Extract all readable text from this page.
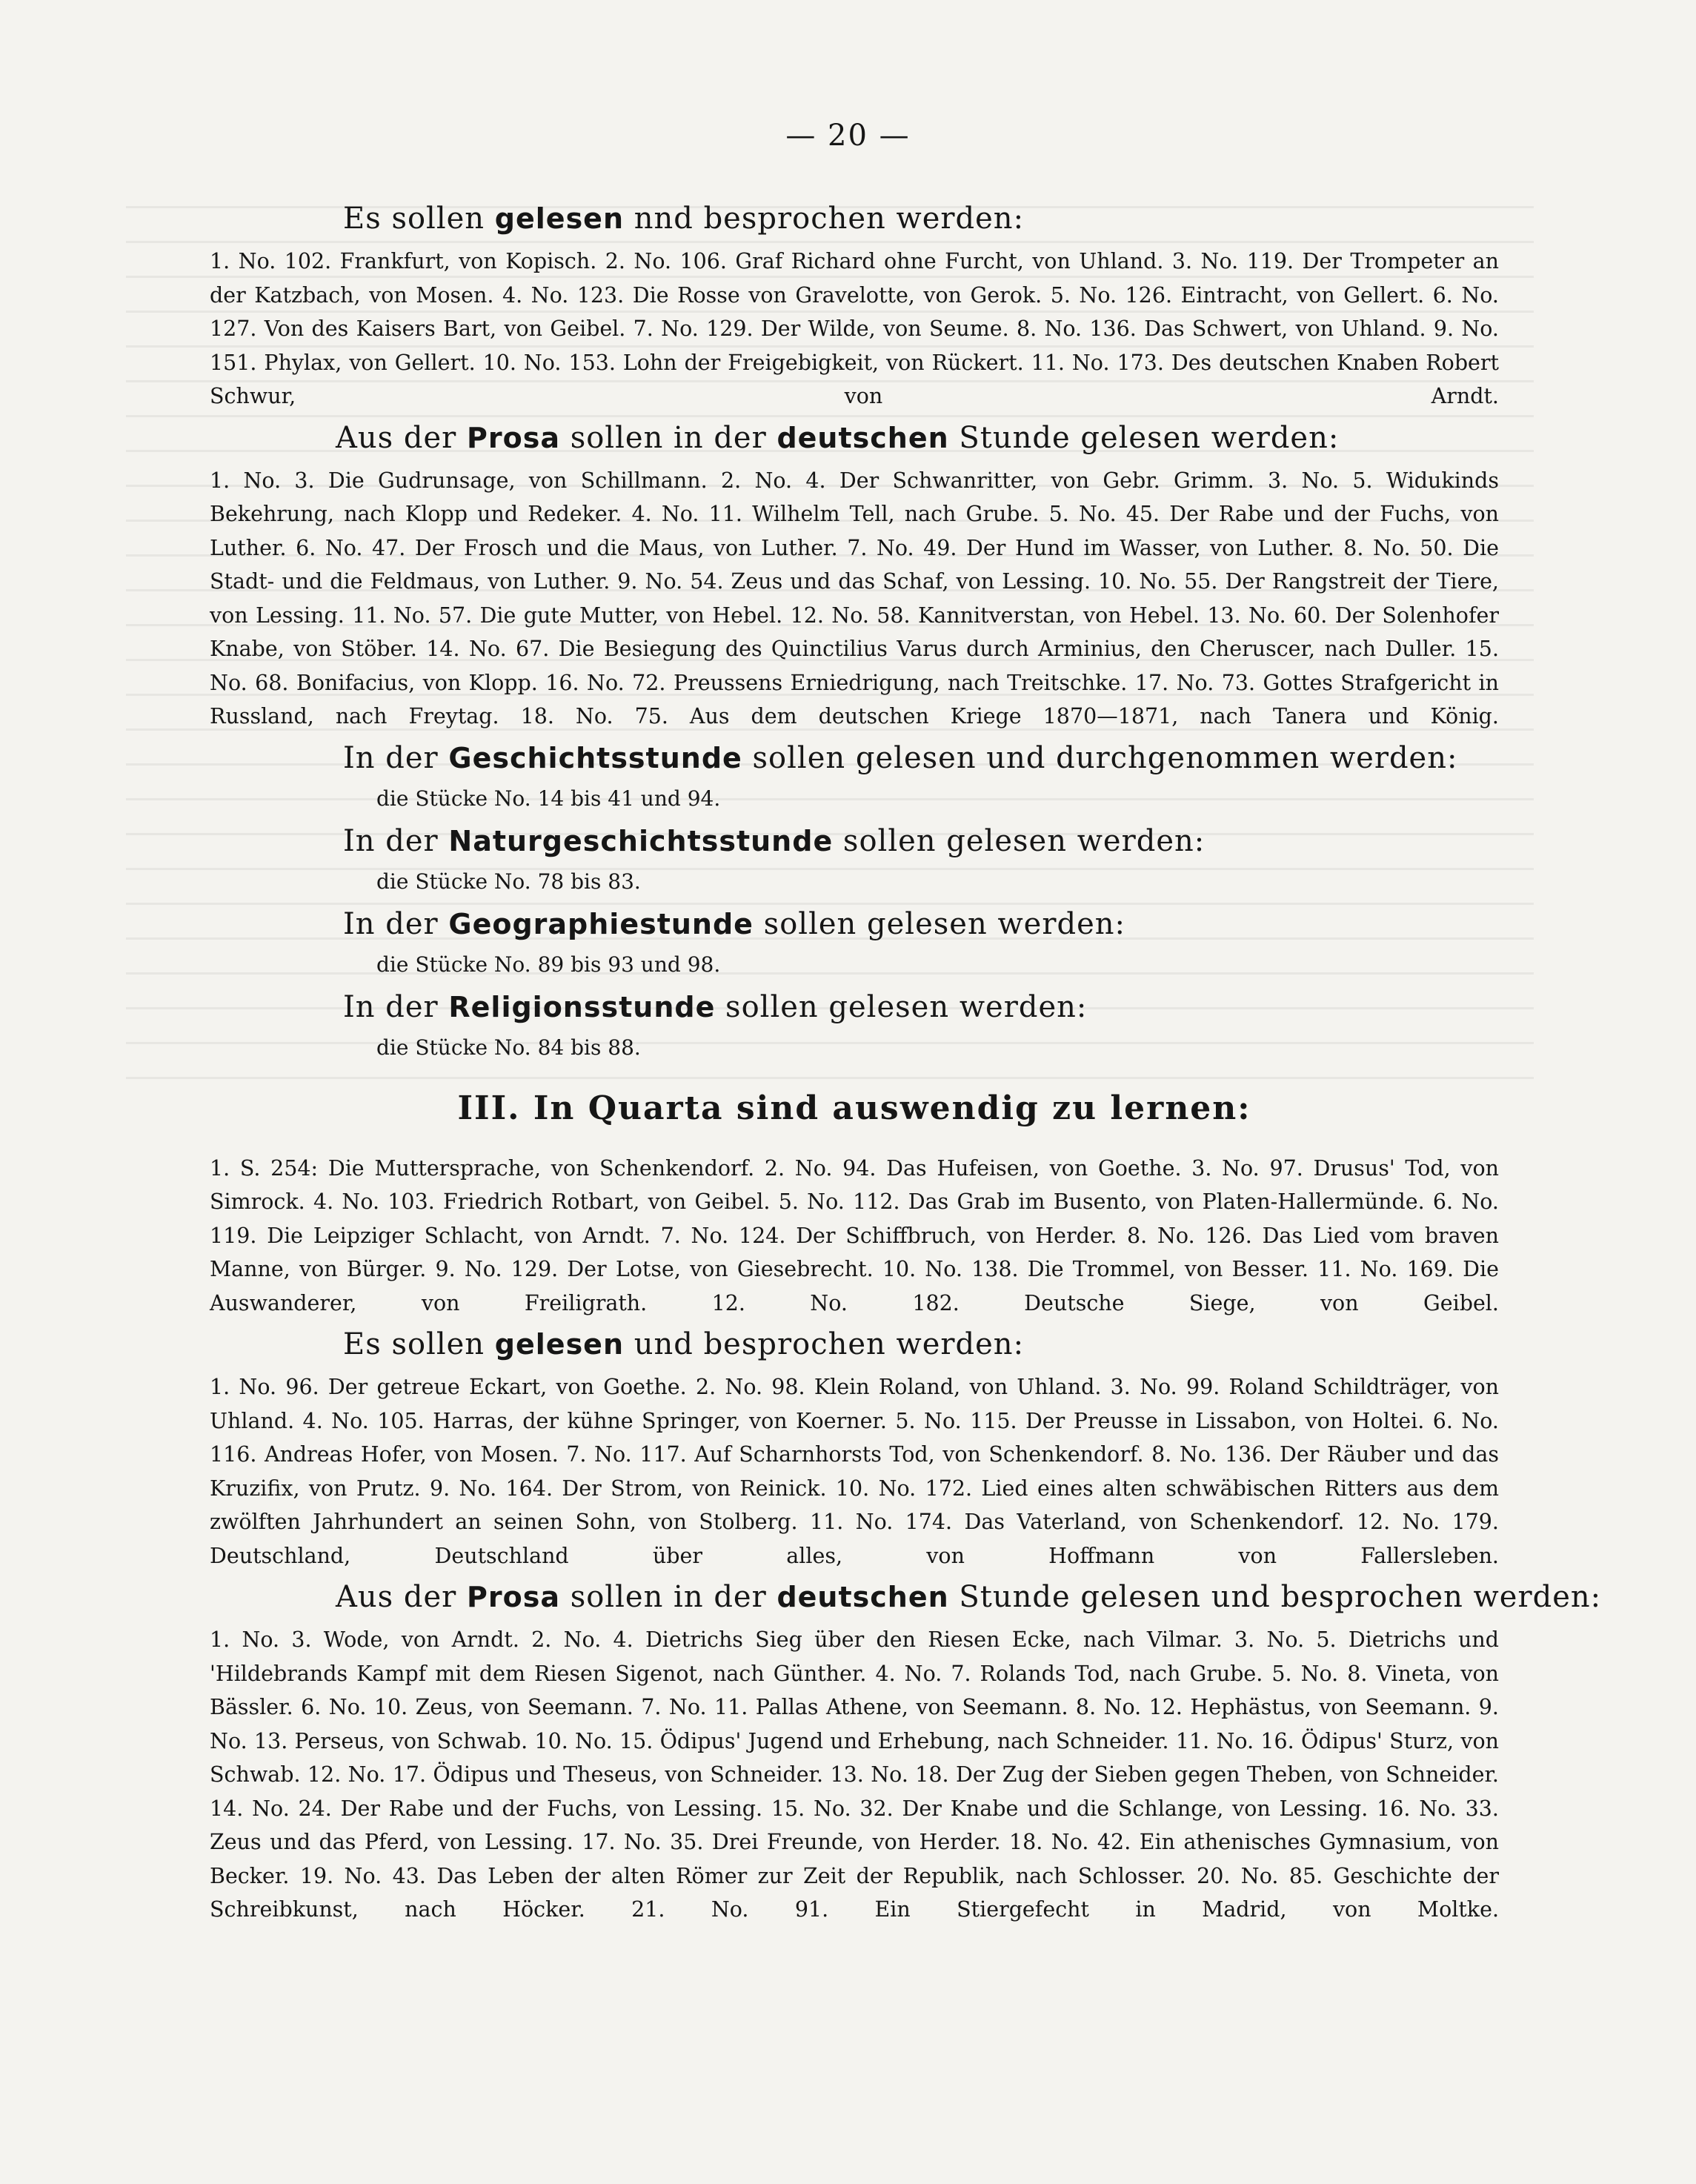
— 20 —
Es sollen gelesen nnd besprochen werden:

1. No. 102. Frankfurt, von Kopisch. 2. No. 106. Graf Richard ohne Furcht, von Uhland. 3. No. 119. Der Trompeter an der Katzbach, von Mosen. 4. No. 123. Die Rosse von Gravelotte, von Gerok. 5. No. 126. Eintracht, von Gellert. 6. No. 127. Von des Kaisers Bart, von Geibel. 7. No. 129. Der Wilde, von Seume. 8. No. 136. Das Schwert, von Uhland. 9. No. 151. Phylax, von Gellert. 10. No. 153. Lohn der Freigebigkeit, von Rückert. 11. No. 173. Des deutschen Knaben Robert Schwur, von Arndt.

Aus der Prosa sollen in der deutschen Stunde gelesen werden:

1. No. 3. Die Gudrunsage, von Schillmann. 2. No. 4. Der Schwanritter, von Gebr. Grimm. 3. No. 5. Widukinds Bekehrung, nach Klopp und Redeker. 4. No. 11. Wilhelm Tell, nach Grube. 5. No. 45. Der Rabe und der Fuchs, von Luther. 6. No. 47. Der Frosch und die Maus, von Luther. 7. No. 49. Der Hund im Wasser, von Luther. 8. No. 50. Die Stadt- und die Feldmaus, von Luther. 9. No. 54. Zeus und das Schaf, von Lessing. 10. No. 55. Der Rangstreit der Tiere, von Lessing. 11. No. 57. Die gute Mutter, von Hebel. 12. No. 58. Kannitverstan, von Hebel. 13. No. 60. Der Solenhofer Knabe, von Stöber. 14. No. 67. Die Besiegung des Quinctilius Varus durch Arminius, den Cheruscer, nach Duller. 15. No. 68. Bonifacius, von Klopp. 16. No. 72. Preussens Erniedrigung, nach Treitschke. 17. No. 73. Gottes Strafgericht in Russland, nach Freytag. 18. No. 75. Aus dem deutschen Kriege 1870—1871, nach Tanera und König.

In der Geschichtsstunde sollen gelesen und durchgenommen werden:

die Stücke No. 14 bis 41 und 94.

In der Naturgeschichtsstunde sollen gelesen werden:

die Stücke No. 78 bis 83.

In der Geographiestunde sollen gelesen werden:

die Stücke No. 89 bis 93 und 98.

In der Religionsstunde sollen gelesen werden:

die Stücke No. 84 bis 88.

III. In Quarta sind auswendig zu lernen:

1. S. 254: Die Muttersprache, von Schenkendorf. 2. No. 94. Das Hufeisen, von Goethe. 3. No. 97. Drusus' Tod, von Simrock. 4. No. 103. Friedrich Rotbart, von Geibel. 5. No. 112. Das Grab im Busento, von Platen-Hallermünde. 6. No. 119. Die Leipziger Schlacht, von Arndt. 7. No. 124. Der Schiffbruch, von Herder. 8. No. 126. Das Lied vom braven Manne, von Bürger. 9. No. 129. Der Lotse, von Giesebrecht. 10. No. 138. Die Trommel, von Besser. 11. No. 169. Die Auswanderer, von Freiligrath. 12. No. 182. Deutsche Siege, von Geibel.

Es sollen gelesen und besprochen werden:

1. No. 96. Der getreue Eckart, von Goethe. 2. No. 98. Klein Roland, von Uhland. 3. No. 99. Roland Schildträger, von Uhland. 4. No. 105. Harras, der kühne Springer, von Koerner. 5. No. 115. Der Preusse in Lissabon, von Holtei. 6. No. 116. Andreas Hofer, von Mosen. 7. No. 117. Auf Scharnhorsts Tod, von Schenkendorf. 8. No. 136. Der Räuber und das Kruzifix, von Prutz. 9. No. 164. Der Strom, von Reinick. 10. No. 172. Lied eines alten schwäbischen Ritters aus dem zwölften Jahrhundert an seinen Sohn, von Stolberg. 11. No. 174. Das Vaterland, von Schenkendorf. 12. No. 179. Deutschland, Deutschland über alles, von Hoffmann von Fallersleben.

Aus der Prosa sollen in der deutschen Stunde gelesen und besprochen werden:

1. No. 3. Wode, von Arndt. 2. No. 4. Dietrichs Sieg über den Riesen Ecke, nach Vilmar. 3. No. 5. Dietrichs und 'Hildebrands Kampf mit dem Riesen Sigenot, nach Günther. 4. No. 7. Rolands Tod, nach Grube. 5. No. 8. Vineta, von Bässler. 6. No. 10. Zeus, von Seemann. 7. No. 11. Pallas Athene, von Seemann. 8. No. 12. Hephästus, von Seemann. 9. No. 13. Perseus, von Schwab. 10. No. 15. Ödipus' Jugend und Erhebung, nach Schneider. 11. No. 16. Ödipus' Sturz, von Schwab. 12. No. 17. Ödipus und Theseus, von Schneider. 13. No. 18. Der Zug der Sieben gegen Theben, von Schneider. 14. No. 24. Der Rabe und der Fuchs, von Lessing. 15. No. 32. Der Knabe und die Schlange, von Lessing. 16. No. 33. Zeus und das Pferd, von Lessing. 17. No. 35. Drei Freunde, von Herder. 18. No. 42. Ein athenisches Gymnasium, von Becker. 19. No. 43. Das Leben der alten Römer zur Zeit der Republik, nach Schlosser. 20. No. 85. Geschichte der Schreibkunst, nach Höcker. 21. No. 91. Ein Stiergefecht in Madrid, von Moltke.
